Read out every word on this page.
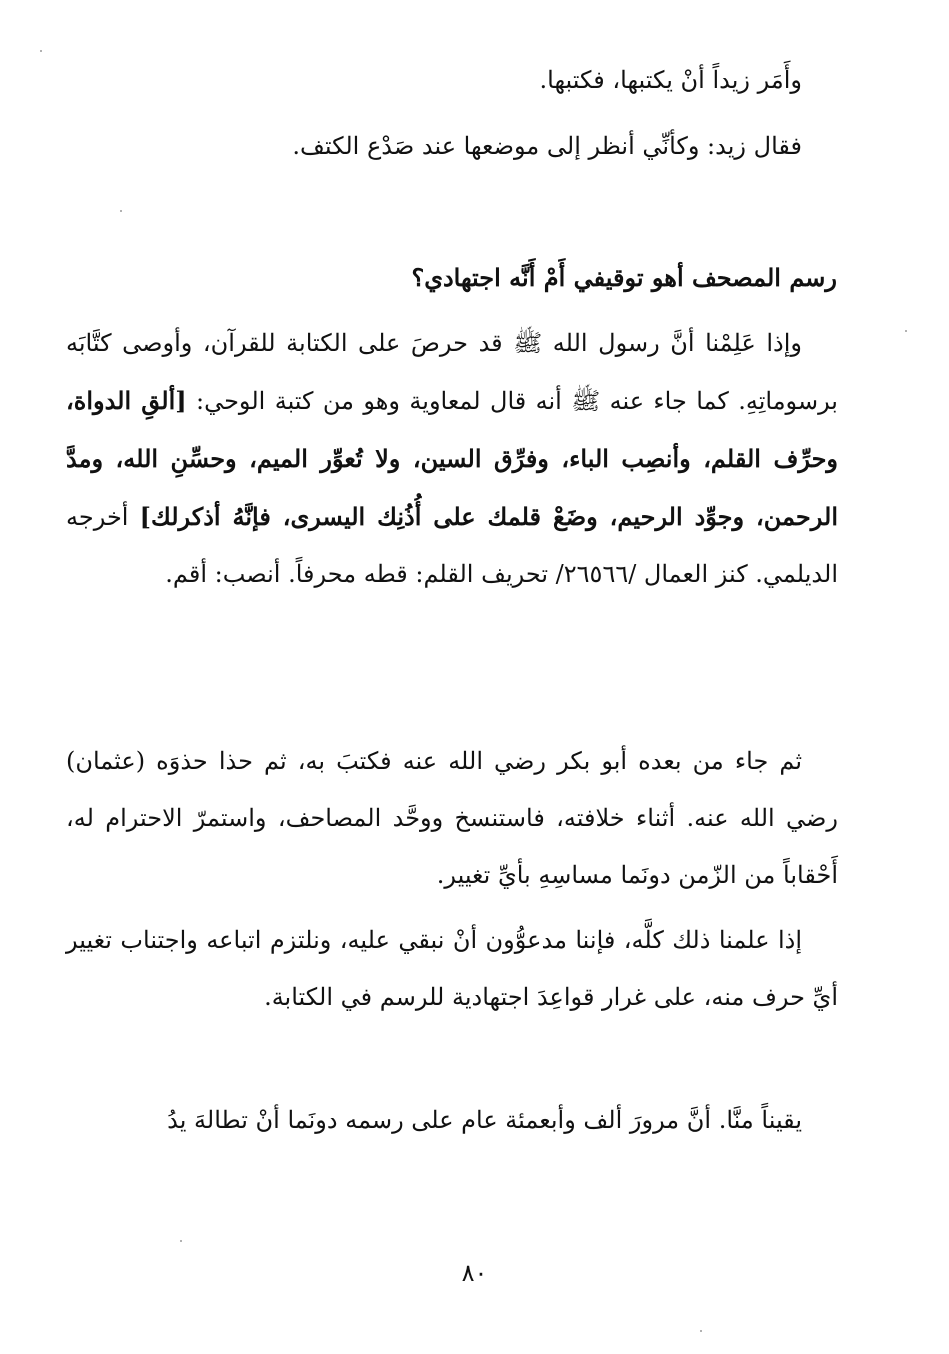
وأَمَر زيداً أنْ يكتبها، فكتبها.

فقال زيد: وكأنِّي أنظر إلى موضعها عند صَدْع الكتف.

رسم المصحف أهو توقيفي أَمْ أَنَّه اجتهادي؟

وإذا عَلِمْنا أنَّ رسول الله ﷺ قد حرصَ على الكتابة للقرآن، وأوصى كتَّابَه برسوماتِهِ. كما جاء عنه ﷺ أنه قال لمعاوية وهو من كتبة الوحي: [ألقِ الدواة، وحرِّف القلم، وأنصِب الباء، وفرِّق السين، ولا تُعوِّر الميم، وحسِّنِ الله، ومدَّ الرحمن، وجوِّد الرحيم، وضَعْ قلمك على أُذُنِك اليسرى، فإنَّهُ أذكرلك] أخرجه الديلمي. كنز العمال /٢٦٥٦٦/ تحريف القلم: قطه محرفاً. أنصب: أقم.

ثم جاء من بعده أبو بكر رضي الله عنه فكتبَ به، ثم حذا حذوَه (عثمان) رضي الله عنه. أثناء خلافته، فاستنسخ ووحَّد المصاحف، واستمرّ الاحترام له، أَحْقاباً من الزّمن دونَما مساسِهِ بأيِّ تغيير.

إذا علمنا ذلك كلَّه، فإننا مدعوُّون أنْ نبقي عليه، ونلتزم اتباعه واجتناب تغيير أيِّ حرف منه، على غرار قواعِدَ اجتهادية للرسم في الكتابة.

يقيناً منَّا. أنَّ مرورَ ألف وأبعمئة عام على رسمه دونَما أنْ تطالهَ يدُ

٨٠
